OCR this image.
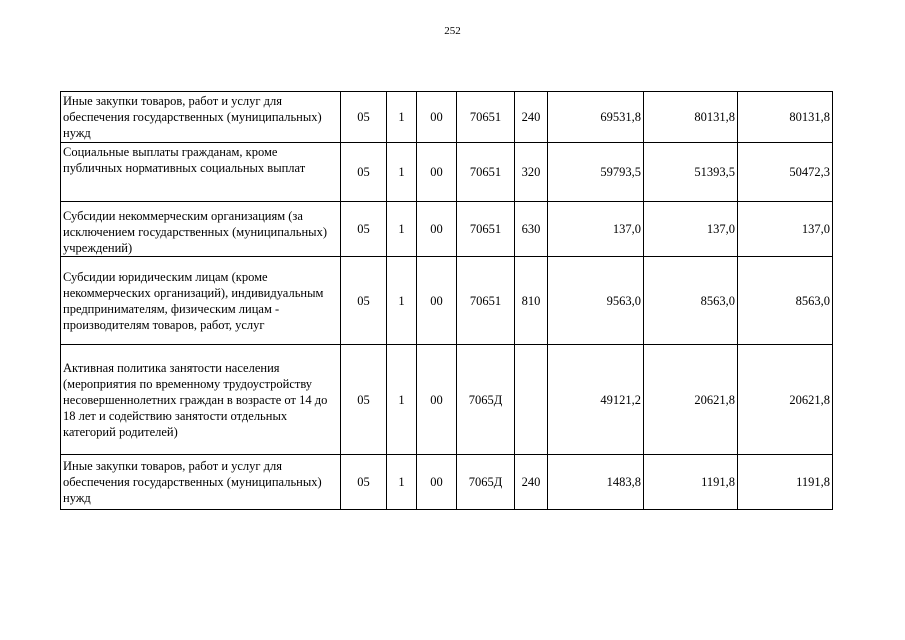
252
Иные закупки товаров, работ и услуг для обеспечения государственных (муниципальных) нужд	05	1	00	70651	240	69531,8	80131,8	80131,8
Социальные выплаты гражданам, кроме публичных нормативных социальных выплат	05	1	00	70651	320	59793,5	51393,5	50472,3
Субсидии некоммерческим организациям (за исключением государственных (муниципальных) учреждений)	05	1	00	70651	630	137,0	137,0	137,0
Субсидии юридическим лицам (кроме некоммерческих организаций), индивидуальным предпринимателям, физическим лицам - производителям товаров, работ, услуг	05	1	00	70651	810	9563,0	8563,0	8563,0
Активная политика занятости населения (мероприятия по временному трудоустройству несовершеннолетних граждан в возрасте от 14 до 18 лет и содействию занятости отдельных категорий родителей)	05	1	00	7065Д		49121,2	20621,8	20621,8
Иные закупки товаров, работ и услуг для обеспечения государственных (муниципальных) нужд	05	1	00	7065Д	240	1483,8	1191,8	1191,8
